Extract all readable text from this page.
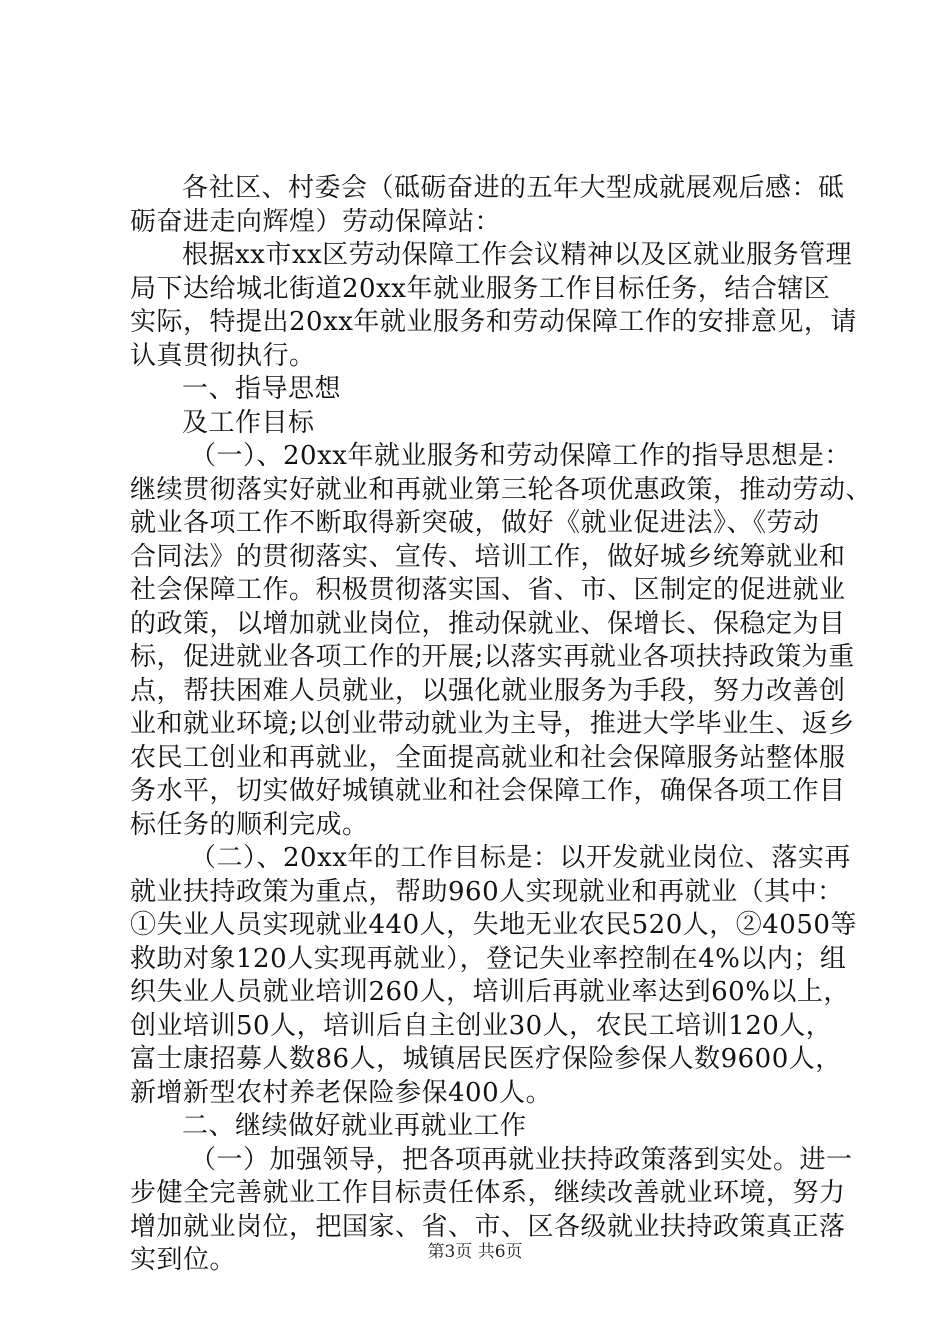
各社区、村委会（砥砺奋进的五年大型成就展观后感：砥
砺奋进走向辉煌）劳动保障站：
根据xx市xx区劳动保障工作会议精神以及区就业服务管理
局下达给城北街道20xx年就业服务工作目标任务，结合辖区
实际，特提出20xx年就业服务和劳动保障工作的安排意见，请
认真贯彻执行。
一、指导思想
及工作目标
（一）、20xx年就业服务和劳动保障工作的指导思想是：
继续贯彻落实好就业和再就业第三轮各项优惠政策，推动劳动、
就业各项工作不断取得新突破，做好《就业促进法》、《劳动
合同法》的贯彻落实、宣传、培训工作，做好城乡统筹就业和
社会保障工作。积极贯彻落实国、省、市、区制定的促进就业
的政策，以增加就业岗位，推动保就业、保增长、保稳定为目
标，促进就业各项工作的开展;以落实再就业各项扶持政策为重
点，帮扶困难人员就业，以强化就业服务为手段，努力改善创
业和就业环境;以创业带动就业为主导，推进大学毕业生、返乡
农民工创业和再就业，全面提高就业和社会保障服务站整体服
务水平，切实做好城镇就业和社会保障工作，确保各项工作目
标任务的顺利完成。
（二）、20xx年的工作目标是：以开发就业岗位、落实再
就业扶持政策为重点，帮助960人实现就业和再就业（其中：
①失业人员实现就业440人，失地无业农民520人，②4050等
救助对象120人实现再就业），登记失业率控制在4%以内；组
织失业人员就业培训260人，培训后再就业率达到60%以上，
创业培训50人，培训后自主创业30人，农民工培训120人，
富士康招募人数86人，城镇居民医疗保险参保人数9600人，
新增新型农村养老保险参保400人。
二、继续做好就业再就业工作
（一）加强领导，把各项再就业扶持政策落到实处。进一
步健全完善就业工作目标责任体系，继续改善就业环境，努力
增加就业岗位，把国家、省、市、区各级就业扶持政策真正落
实到位。	第3页 共6页
